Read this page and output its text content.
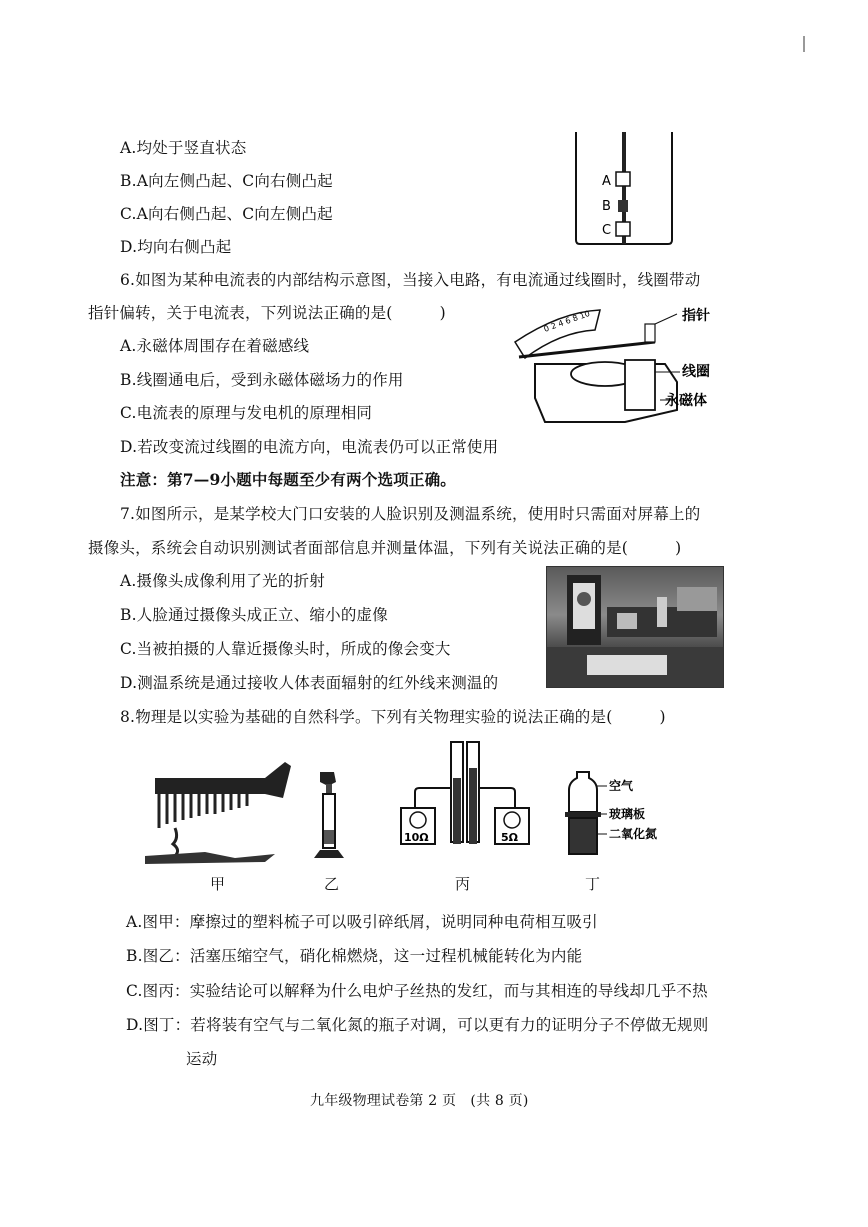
A.均处于竖直状态
B.A向左侧凸起、C向右侧凸起
C.A向右侧凸起、C向左侧凸起
D.均向右侧凸起
A
B
C
6.如图为某种电流表的内部结构示意图，当接入电路，有电流通过线圈时，线圈带动
指针偏转，关于电流表，下列说法正确的是(　　　)
A.永磁体周围存在着磁感线
B.线圈通电后，受到永磁体磁场力的作用
C.电流表的原理与发电机的原理相同
D.若改变流过线圈的电流方向，电流表仍可以正常使用
0 2 4 6 8 10	指针
线圈
永磁体
注意：第7—9小题中每题至少有两个选项正确。
7.如图所示，是某学校大门口安装的人脸识别及测温系统，使用时只需面对屏幕上的
摄像头，系统会自动识别测试者面部信息并测量体温，下列有关说法正确的是(　　　)
A.摄像头成像利用了光的折射
B.人脸通过摄像头成正立、缩小的虚像
C.当被拍摄的人靠近摄像头时，所成的像会变大
D.测温系统是通过接收人体表面辐射的红外线来测温的
8.物理是以实验为基础的自然科学。下列有关物理实验的说法正确的是(　　　)
10Ω	5Ω
空气
玻璃板
二氧化氮
甲	乙	丙	丁
A.图甲：摩擦过的塑料梳子可以吸引碎纸屑，说明同种电荷相互吸引
B.图乙：活塞压缩空气，硝化棉燃烧，这一过程机械能转化为内能
C.图丙：实验结论可以解释为什么电炉子丝热的发红，而与其相连的导线却几乎不热
D.图丁：若将装有空气与二氧化氮的瓶子对调，可以更有力的证明分子不停做无规则
运动
九年级物理试卷第 2 页　(共 8 页)
